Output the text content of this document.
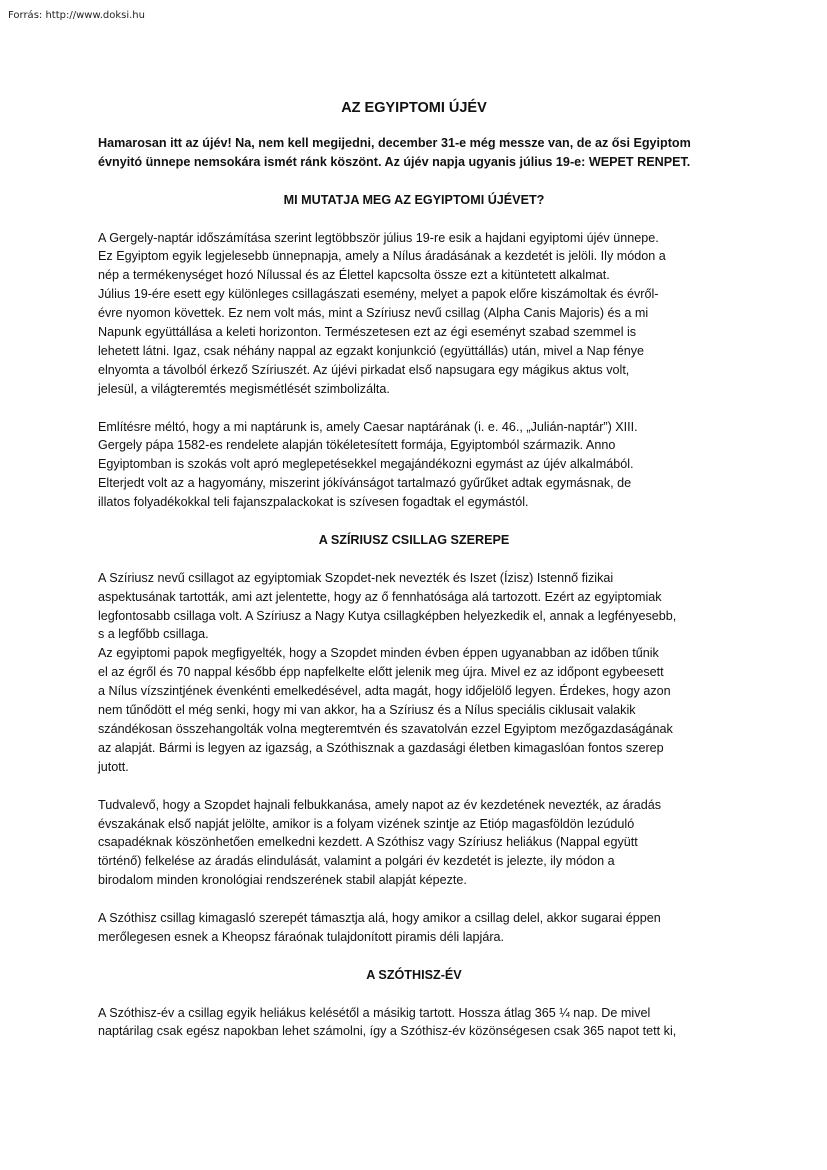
Forrás: http://www.doksi.hu
AZ EGYIPTOMI ÚJÉV

Hamarosan itt az újév! Na, nem kell megijedni, december 31-e még messze van, de az ősi Egyiptom
évnyitó ünnepe nemsokára ismét ránk köszönt. Az újév napja ugyanis július 19-e: WEPET RENPET.

MI MUTATJA MEG AZ EGYIPTOMI ÚJÉVET?

A Gergely-naptár időszámítása szerint legtöbbször július 19-re esik a hajdani egyiptomi újév ünnepe.
Ez Egyiptom egyik legjelesebb ünnepnapja, amely a Nílus áradásának a kezdetét is jelöli. Ily módon a
nép a termékenységet hozó Nílussal és az Élettel kapcsolta össze ezt a kitüntetett alkalmat.
Július 19-ére esett egy különleges csillagászati esemény, melyet a papok előre kiszámoltak és évről-
évre nyomon követtek. Ez nem volt más, mint a Szíriusz nevű csillag (Alpha Canis Majoris) és a mi
Napunk együttállása a keleti horizonton. Természetesen ezt az égi eseményt szabad szemmel is
lehetett látni. Igaz, csak néhány nappal az egzakt konjunkció (együttállás) után, mivel a Nap fénye
elnyomta a távolból érkező Szíriuszét. Az újévi pirkadat első napsugara egy mágikus aktus volt,
jelesül, a világteremtés megismétlését szimbolizálta.

Említésre méltó, hogy a mi naptárunk is, amely Caesar naptárának (i. e. 46., „Julián-naptár”) XIII.
Gergely pápa 1582-es rendelete alapján tökéletesített formája, Egyiptomból származik. Anno
Egyiptomban is szokás volt apró meglepetésekkel megajándékozni egymást az újév alkalmából.
Elterjedt volt az a hagyomány, miszerint jókívánságot tartalmazó gyűrűket adtak egymásnak, de
illatos folyadékokkal teli fajanszpalackokat is szívesen fogadtak el egymástól.

A SZÍRIUSZ CSILLAG SZEREPE

A Szíriusz nevű csillagot az egyiptomiak Szopdet-nek nevezték és Iszet (Ízisz) Istennő fizikai
aspektusának tartották, ami azt jelentette, hogy az ő fennhatósága alá tartozott. Ezért az egyiptomiak
legfontosabb csillaga volt. A Szíriusz a Nagy Kutya csillagképben helyezkedik el, annak a legfényesebb,
s a legfőbb csillaga.
Az egyiptomi papok megfigyelték, hogy a Szopdet minden évben éppen ugyanabban az időben tűnik
el az égről és 70 nappal később épp napfelkelte előtt jelenik meg újra. Mivel ez az időpont egybeesett
a Nílus vízszintjének évenkénti emelkedésével, adta magát, hogy időjelölő legyen. Érdekes, hogy azon
nem tűnődött el még senki, hogy mi van akkor, ha a Szíriusz és a Nílus speciális ciklusait valakik
szándékosan összehangolták volna megteremtvén és szavatolván ezzel Egyiptom mezőgazdaságának
az alapját. Bármi is legyen az igazság, a Szóthisznak a gazdasági életben kimagaslóan fontos szerep
jutott.

Tudvalevő, hogy a Szopdet hajnali felbukkanása, amely napot az év kezdetének nevezték, az áradás
évszakának első napját jelölte, amikor is a folyam vizének szintje az Etióp magasföldön lezúduló
csapadéknak köszönhetően emelkedni kezdett. A Szóthisz vagy Szíriusz heliákus (Nappal együtt
történő) felkelése az áradás elindulását, valamint a polgári év kezdetét is jelezte, ily módon a
birodalom minden kronológiai rendszerének stabil alapját képezte.

A Szóthisz csillag kimagasló szerepét támasztja alá, hogy amikor a csillag delel, akkor sugarai éppen
merőlegesen esnek a Kheopsz fáraónak tulajdonított piramis déli lapjára.

A SZÓTHISZ-ÉV

A Szóthisz-év a csillag egyik heliákus kelésétől a másikig tartott. Hossza átlag 365 ¼ nap. De mivel
naptárilag csak egész napokban lehet számolni, így a Szóthisz-év közönségesen csak 365 napot tett ki,
